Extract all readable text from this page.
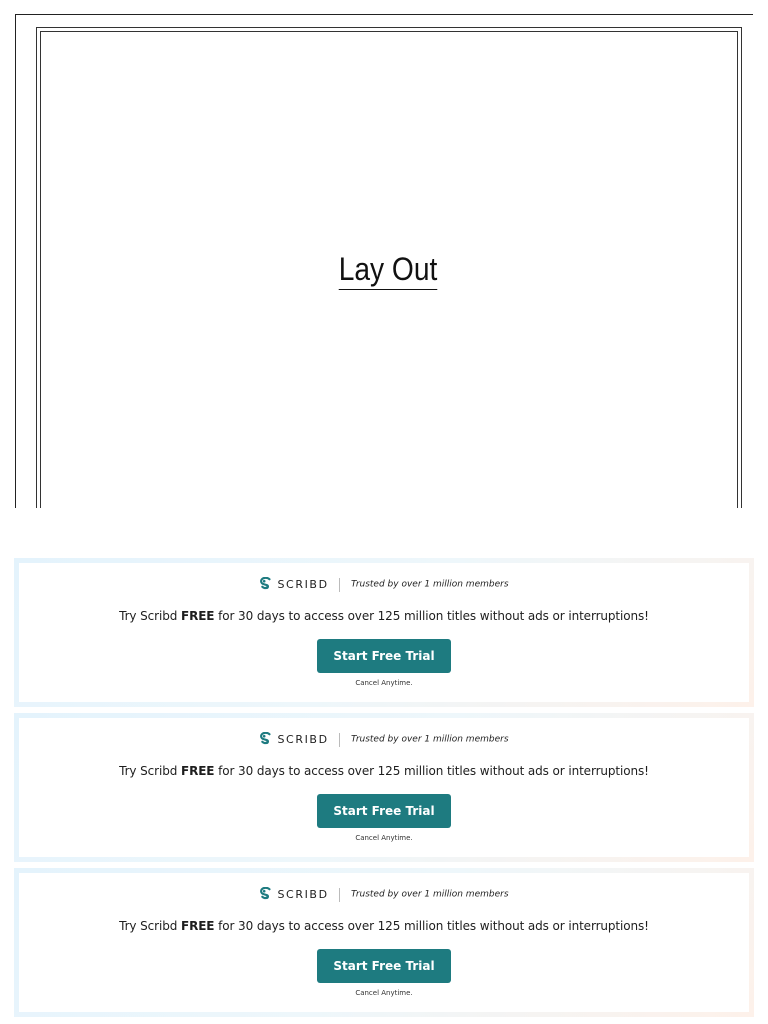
Lay Out
SCRIBD Trusted by over 1 million members
Try Scribd FREE for 30 days to access over 125 million titles without ads or interruptions!
Start Free Trial
Cancel Anytime.
SCRIBD Trusted by over 1 million members
Try Scribd FREE for 30 days to access over 125 million titles without ads or interruptions!
Start Free Trial
Cancel Anytime.
SCRIBD Trusted by over 1 million members
Try Scribd FREE for 30 days to access over 125 million titles without ads or interruptions!
Start Free Trial
Cancel Anytime.
